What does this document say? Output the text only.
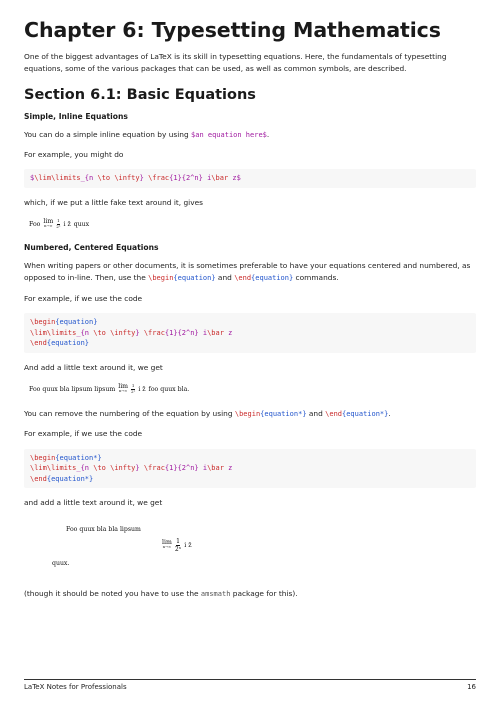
Chapter 6: Typesetting Mathematics

One of the biggest advantages of LaTeX is its skill in typesetting equations. Here, the fundamentals of typesetting equations, some of the various packages that can be used, as well as common symbols, are described.

Section 6.1: Basic Equations
Simple, Inline Equations

You can do a simple inline equation by using $an equation here$.

For example, you might do

$\lim\limits_{n \to \infty} \frac{1}{2^n} i\bar z$

which, if we put a little fake text around it, gives

Foo lim
$n\to\infty \frac{1}{\text{2ⁿ}}$ i z̄ quux
Numbered, Centered Equations

When writing papers or other documents, it is sometimes preferable to have your equations centered and numbered, as opposed to in-line. Then, use the \begin{equation} and \end{equation} commands.

For example, if we use the code

\begin{equation}
\lim\limits_{n \to \infty} \frac{1}{2^n} i\bar z
\end{equation}

And add a little text around it, we get

Foo quux bla lipsum lipsum lim
$n\to\infty \frac{1}{\text{2ⁿ}}$ i z̄ foo quux bla.

You can remove the numbering of the equation by using \begin{equation*} and \end{equation*}.

For example, if we use the code

\begin{equation*}
\lim\limits_{n \to \infty} \frac{1}{2^n} i\bar z
\end{equation*}

and add a little text around it, we get

Foo quux bla bla lipsum
lim
$n\to\infty \frac{1}{\text{2ⁿ}}$ i z̄
quux.

(though it should be noted you have to use the amsmath package for this).

LaTeX Notes for Professionals	16
